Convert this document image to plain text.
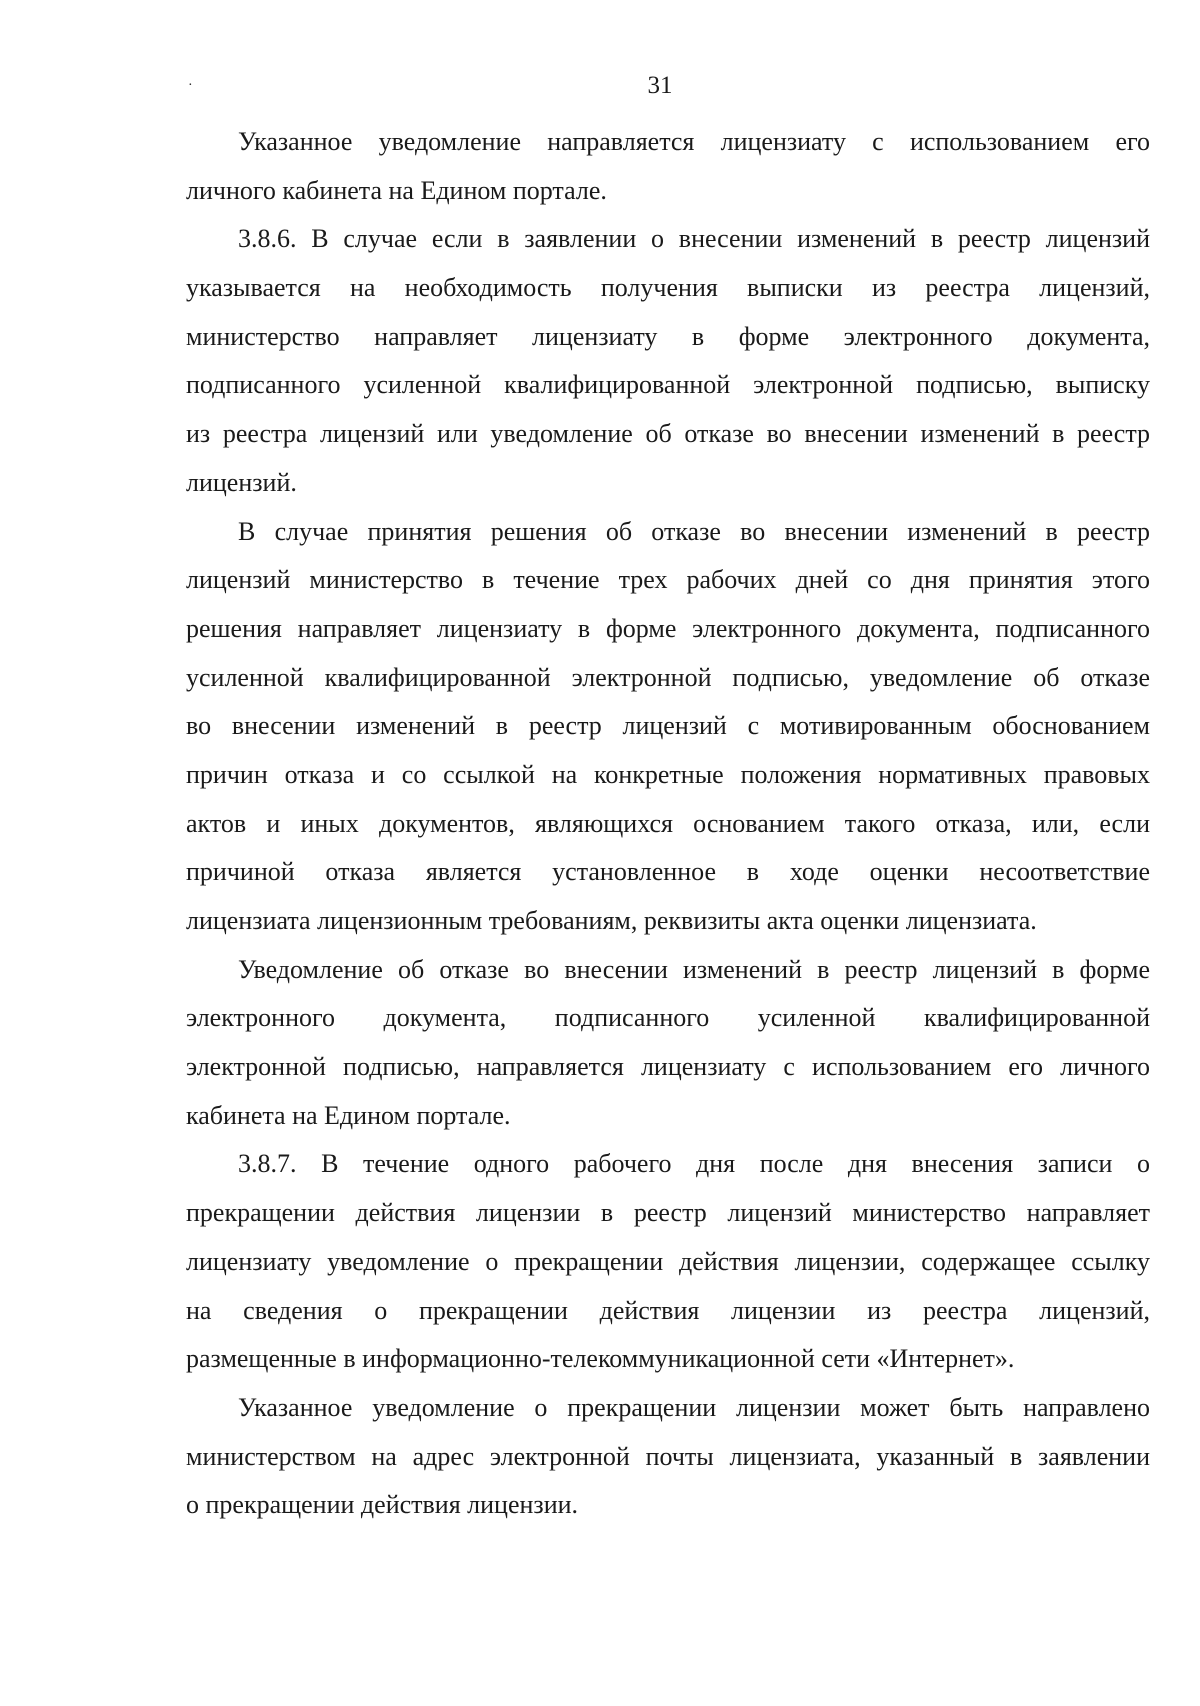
·	31
Указанное уведомление направляется лицензиату с использованием его
личного кабинета на Едином портале.
3.8.6. В случае если в заявлении о внесении изменений в реестр лицензий
указывается на необходимость получения выписки из реестра лицензий,
министерство направляет лицензиату в форме электронного документа,
подписанного усиленной квалифицированной электронной подписью, выписку
из реестра лицензий или уведомление об отказе во внесении изменений в реестр
лицензий.
В случае принятия решения об отказе во внесении изменений в реестр
лицензий министерство в течение трех рабочих дней со дня принятия этого
решения направляет лицензиату в форме электронного документа, подписанного
усиленной квалифицированной электронной подписью, уведомление об отказе
во внесении изменений в реестр лицензий с мотивированным обоснованием
причин отказа и со ссылкой на конкретные положения нормативных правовых
актов и иных документов, являющихся основанием такого отказа, или, если
причиной отказа является установленное в ходе оценки несоответствие
лицензиата лицензионным требованиям, реквизиты акта оценки лицензиата.
Уведомление об отказе во внесении изменений в реестр лицензий в форме
электронного документа, подписанного усиленной квалифицированной
электронной подписью, направляется лицензиату с использованием его личного
кабинета на Едином портале.
3.8.7. В течение одного рабочего дня после дня внесения записи о
прекращении действия лицензии в реестр лицензий министерство направляет
лицензиату уведомление о прекращении действия лицензии, содержащее ссылку
на сведения о прекращении действия лицензии из реестра лицензий,
размещенные в информационно-телекоммуникационной сети «Интернет».
Указанное уведомление о прекращении лицензии может быть направлено
министерством на адрес электронной почты лицензиата, указанный в заявлении
о прекращении действия лицензии.
